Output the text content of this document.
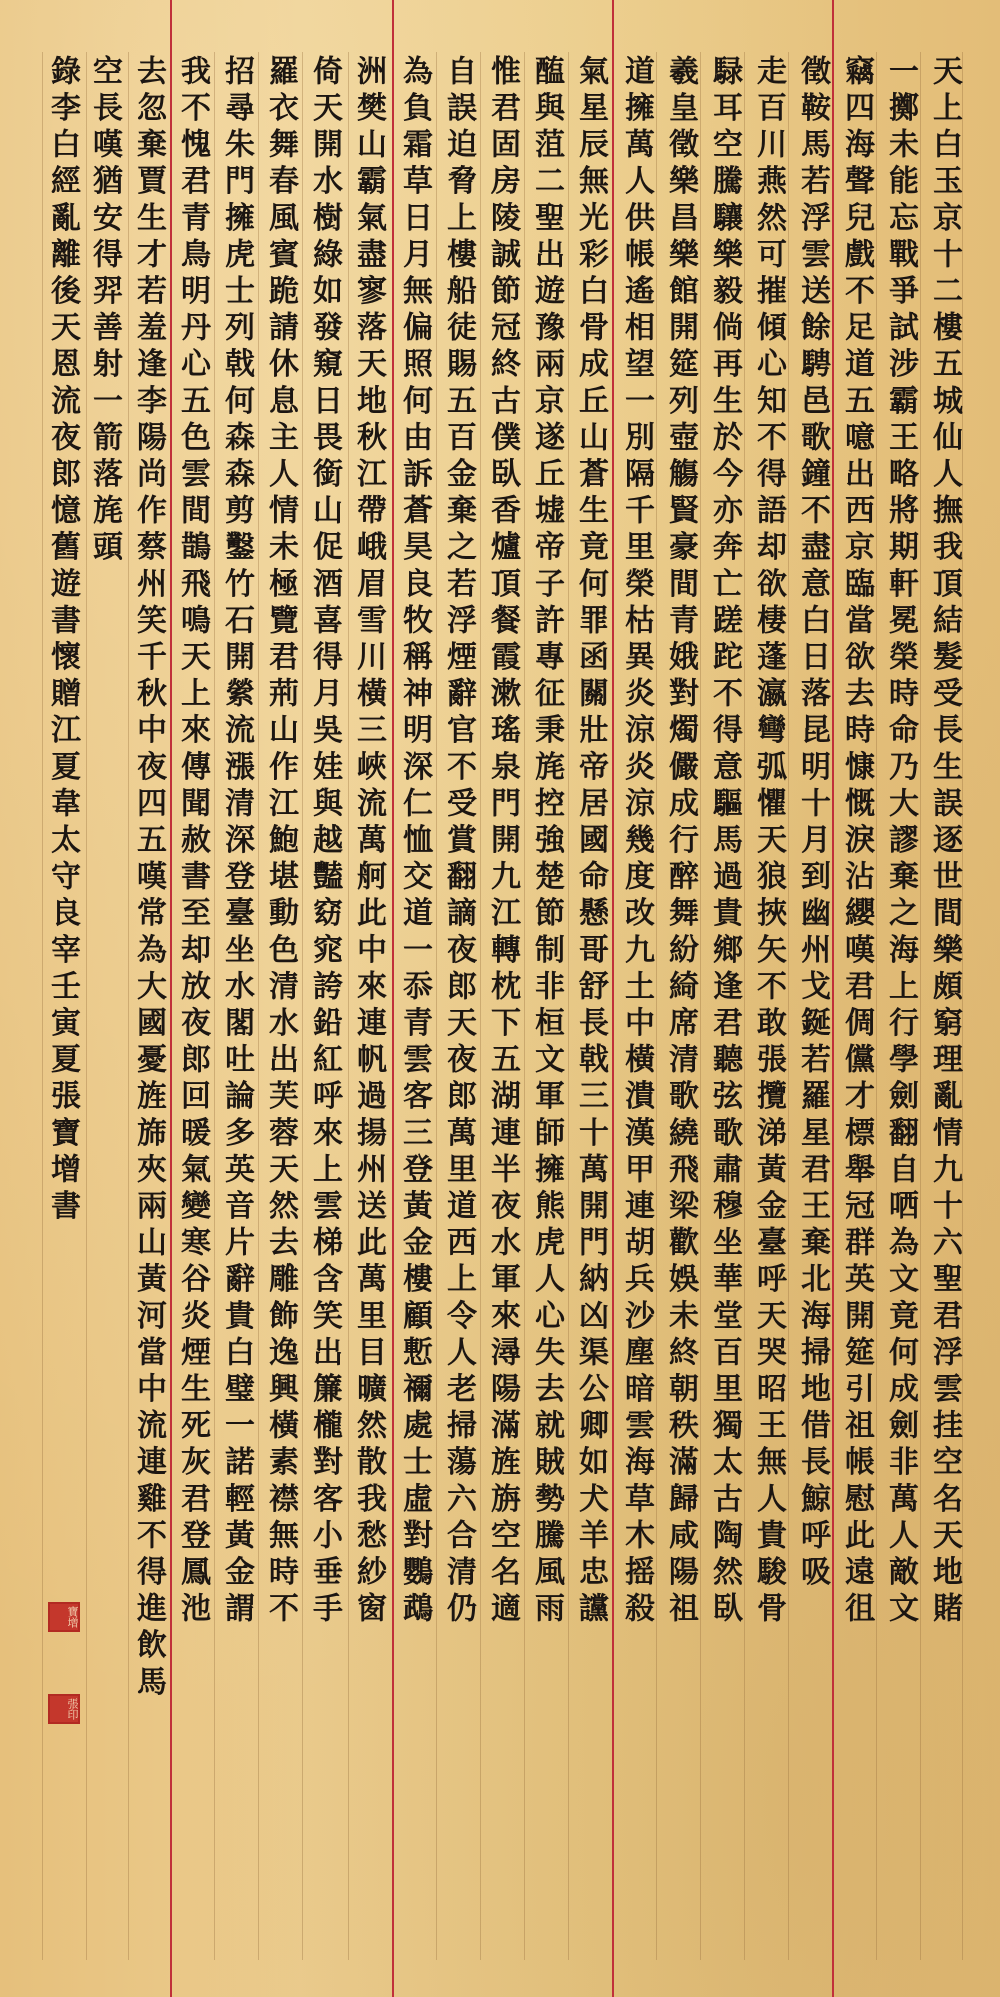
天上白玉京十二樓五城仙人撫我頂結髮受長生誤逐世間樂頗窮理亂情九十六聖君浮雲挂空名天地賭
一擲未能忘戰爭試涉霸王略將期軒冕榮時命乃大謬棄之海上行學劍翻自哂為文竟何成劍非萬人敵文
竊四海聲兒戲不足道五噫出西京臨當欲去時慷慨淚沾纓嘆君倜儻才標舉冠群英開筵引祖帳慰此遠徂
徵鞍馬若浮雲送餘騁邑歌鐘不盡意白日落昆明十月到幽州戈鋋若羅星君王棄北海掃地借長鯨呼吸
走百川燕然可摧傾心知不得語却欲棲蓬瀛彎弧懼天狼挾矢不敢張攬涕黃金臺呼天哭昭王無人貴駿骨
騄耳空騰驤樂毅倘再生於今亦奔亡蹉跎不得意驅馬過貴鄉逢君聽弦歌肅穆坐華堂百里獨太古陶然臥
羲皇徵樂昌樂館開筵列壺觴賢豪間青娥對燭儼成行醉舞紛綺席清歌繞飛梁歡娛未終朝秩滿歸咸陽祖
道擁萬人供帳遙相望一別隔千里榮枯異炎涼炎涼幾度改九土中橫潰漢甲連胡兵沙塵暗雲海草木摇殺
氣星辰無光彩白骨成丘山蒼生竟何罪函關壯帝居國命懸哥舒長戟三十萬開門納凶渠公卿如犬羊忠讜
醢與菹二聖出遊豫兩京遂丘墟帝子許專征秉旄控強楚節制非桓文軍師擁熊虎人心失去就賊勢騰風雨
惟君固房陵誠節冠終古僕臥香爐頂餐霞漱瑤泉門開九江轉枕下五湖連半夜水軍來潯陽滿旌旃空名適
自誤迫脅上樓船徒賜五百金棄之若浮煙辭官不受賞翻謫夜郎天夜郎萬里道西上令人老掃蕩六合清仍
為負霜草日月無偏照何由訴蒼昊良牧稱神明深仁恤交道一忝青雲客三登黃金樓顧慙禰處士虛對鸚鵡
洲樊山霸氣盡寥落天地秋江帶峨眉雪川橫三峽流萬舸此中來連帆過揚州送此萬里目曠然散我愁紗窗
倚天開水樹綠如發窺日畏銜山促酒喜得月吳娃與越豔窈窕誇鉛紅呼來上雲梯含笑出簾櫳對客小垂手
羅衣舞春風賓跪請休息主人情未極覽君荊山作江鮑堪動色清水出芙蓉天然去雕飾逸興橫素襟無時不
招尋朱門擁虎士列戟何森森剪鑿竹石開縈流漲清深登臺坐水閣吐論多英音片辭貴白璧一諾輕黃金謂
我不愧君青鳥明丹心五色雲間鵲飛鳴天上來傳聞赦書至却放夜郎回暖氣變寒谷炎煙生死灰君登鳳池
去忽棄賈生才若羞逢李陽尚作蔡州笑千秋中夜四五嘆常為大國憂旌旆夾兩山黃河當中流連雞不得進飲馬
空長嘆猶安得羿善射一箭落旄頭
錄李白經亂離後天恩流夜郎憶舊遊書懷贈江夏韋太守良宰壬寅夏張寶增書
寶增
張印
